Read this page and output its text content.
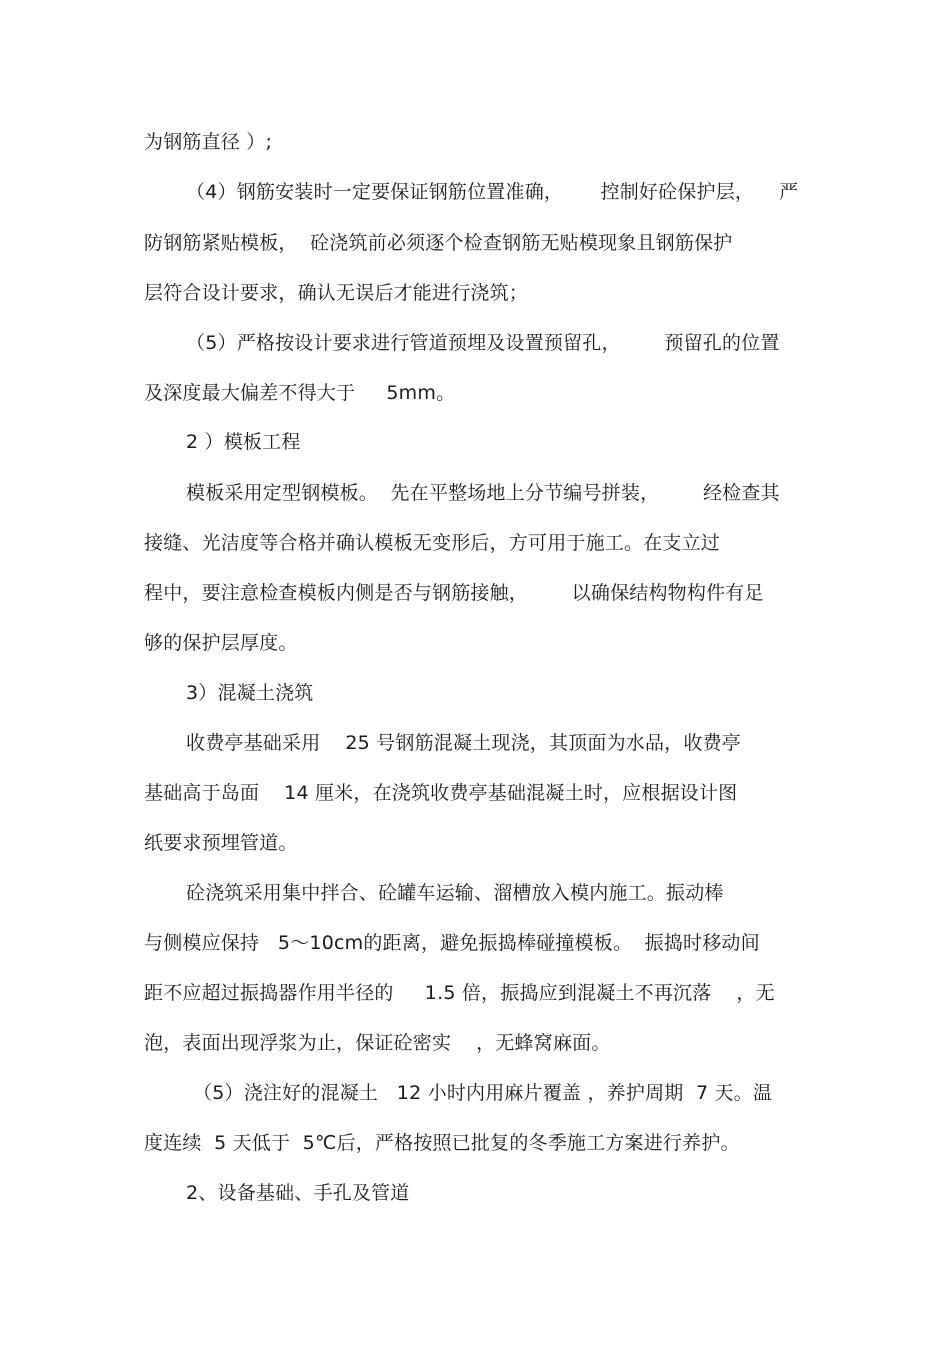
为钢筋直径 ）;
（4）钢筋安装时一定要保证钢筋位置准确，      控制好砼保护层，    严
防钢筋紧贴模板，  砼浇筑前必须逐个检查钢筋无贴模现象且钢筋保护
层符合设计要求，确认无误后才能进行浇筑；
（5）严格按设计要求进行管道预埋及设置预留孔，       预留孔的位置
及深度最大偏差不得大于     5mm。
2 ）模板工程
模板采用定型钢模板。  先在平整场地上分节编号拼装，       经检查其
接缝、光洁度等合格并确认模板无变形后，方可用于施工。在支立过
程中，要注意检查模板内侧是否与钢筋接触，       以确保结构物构件有足
够的保护层厚度。
3）混凝土浇筑
收费亭基础采用    25 号钢筋混凝土现浇，其顶面为水品，收费亭
基础高于岛面    14 厘米，在浇筑收费亭基础混凝土时，应根据设计图
纸要求预埋管道。
砼浇筑采用集中拌合、砼罐车运输、溜槽放入模内施工。振动棒
与侧模应保持   5～10cm的距离，避免振捣棒碰撞模板。  振捣时移动间
距不应超过振捣器作用半径的     1.5 倍，振捣应到混凝土不再沉落    ，无
泡，表面出现浮浆为止，保证砼密实    ，无蜂窝麻面。
（5）浇注好的混凝土   12 小时内用麻片覆盖 ，养护周期  7 天。温
度连续  5 天低于  5℃后，严格按照已批复的冬季施工方案进行养护。
2、设备基础、手孔及管道
